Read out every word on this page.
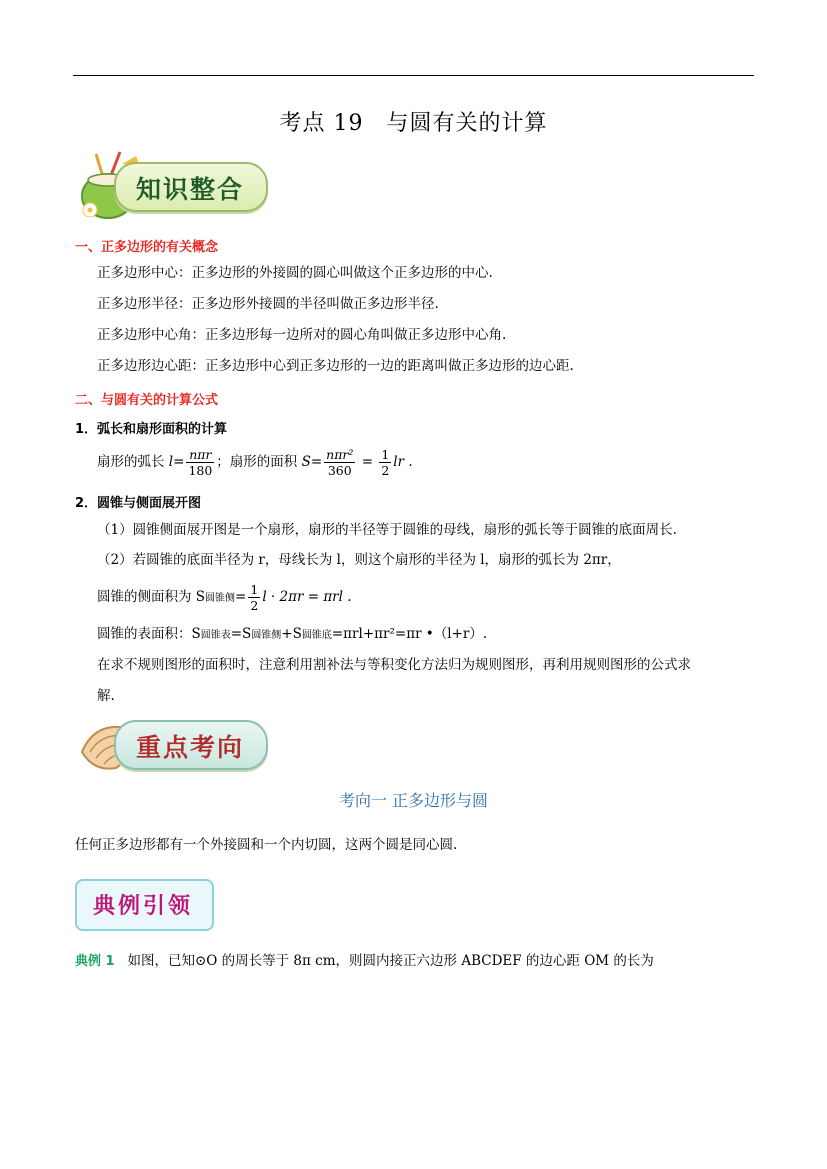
考点 19　与圆有关的计算
知识整合
一、正多边形的有关概念
正多边形中心：正多边形的外接圆的圆心叫做这个正多边形的中心.
正多边形半径：正多边形外接圆的半径叫做正多边形半径.
正多边形中心角：正多边形每一边所对的圆心角叫做正多边形中心角.
正多边形边心距：正多边形中心到正多边形的一边的距离叫做正多边形的边心距.
二、与圆有关的计算公式
1．弧长和扇形面积的计算
扇形的弧长 $l= \frac{\text{nπr}}{180}$ ；扇形的面积 $S= \frac{\text{nπr²}}{360} = \frac{1}{2}$ lr .
2．圆锥与侧面展开图
（1）圆锥侧面展开图是一个扇形，扇形的半径等于圆锥的母线，扇形的弧长等于圆锥的底面周长.
（2）若圆锥的底面半径为 r，母线长为 l，则这个扇形的半径为 l，扇形的弧长为 2πr，
圆锥的侧面积为 S圆锥侧= $\frac{1}{2}$ l · 2πr = πrl .
圆锥的表面积：S圆锥表=S圆锥侧+S圆锥底=πrl+πr²=πr •（l+r）.
在求不规则图形的面积时，注意利用割补法与等积变化方法归为规则图形，再利用规则图形的公式求
解.
重点考向
考向一 正多边形与圆
任何正多边形都有一个外接圆和一个内切圆，这两个圆是同心圆.
典例引领
典例 1 如图，已知⊙O 的周长等于 8π cm，则圆内接正六边形 ABCDEF 的边心距 OM 的长为
